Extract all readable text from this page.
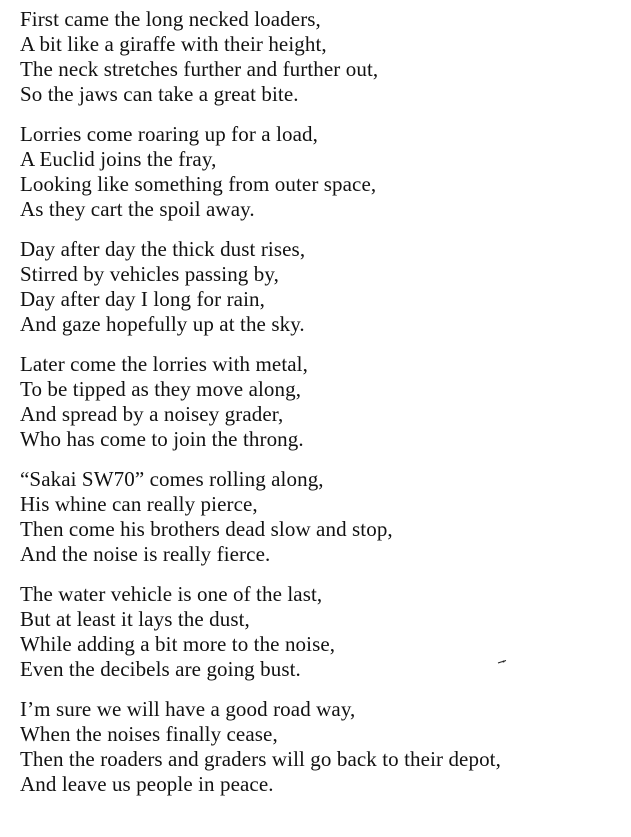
First came the long necked loaders,
A bit like a giraffe with their height,
The neck stretches further and further out,
So the jaws can take a great bite.
Lorries come roaring up for a load,
A Euclid joins the fray,
Looking like something from outer space,
As they cart the spoil away.
Day after day the thick dust rises,
Stirred by vehicles passing by,
Day after day I long for rain,
And gaze hopefully up at the sky.
Later come the lorries with metal,
To be tipped as they move along,
And spread by a noisey grader,
Who has come to join the throng.
“Sakai SW70” comes rolling along,
His whine can really pierce,
Then come his brothers dead slow and stop,
And the noise is really fierce.
The water vehicle is one of the last,
But at least it lays the dust,
While adding a bit more to the noise,
Even the decibels are going bust.
I’m sure we will have a good road way,
When the noises finally cease,
Then the roaders and graders will go back to their depot,
And leave us people in peace.
